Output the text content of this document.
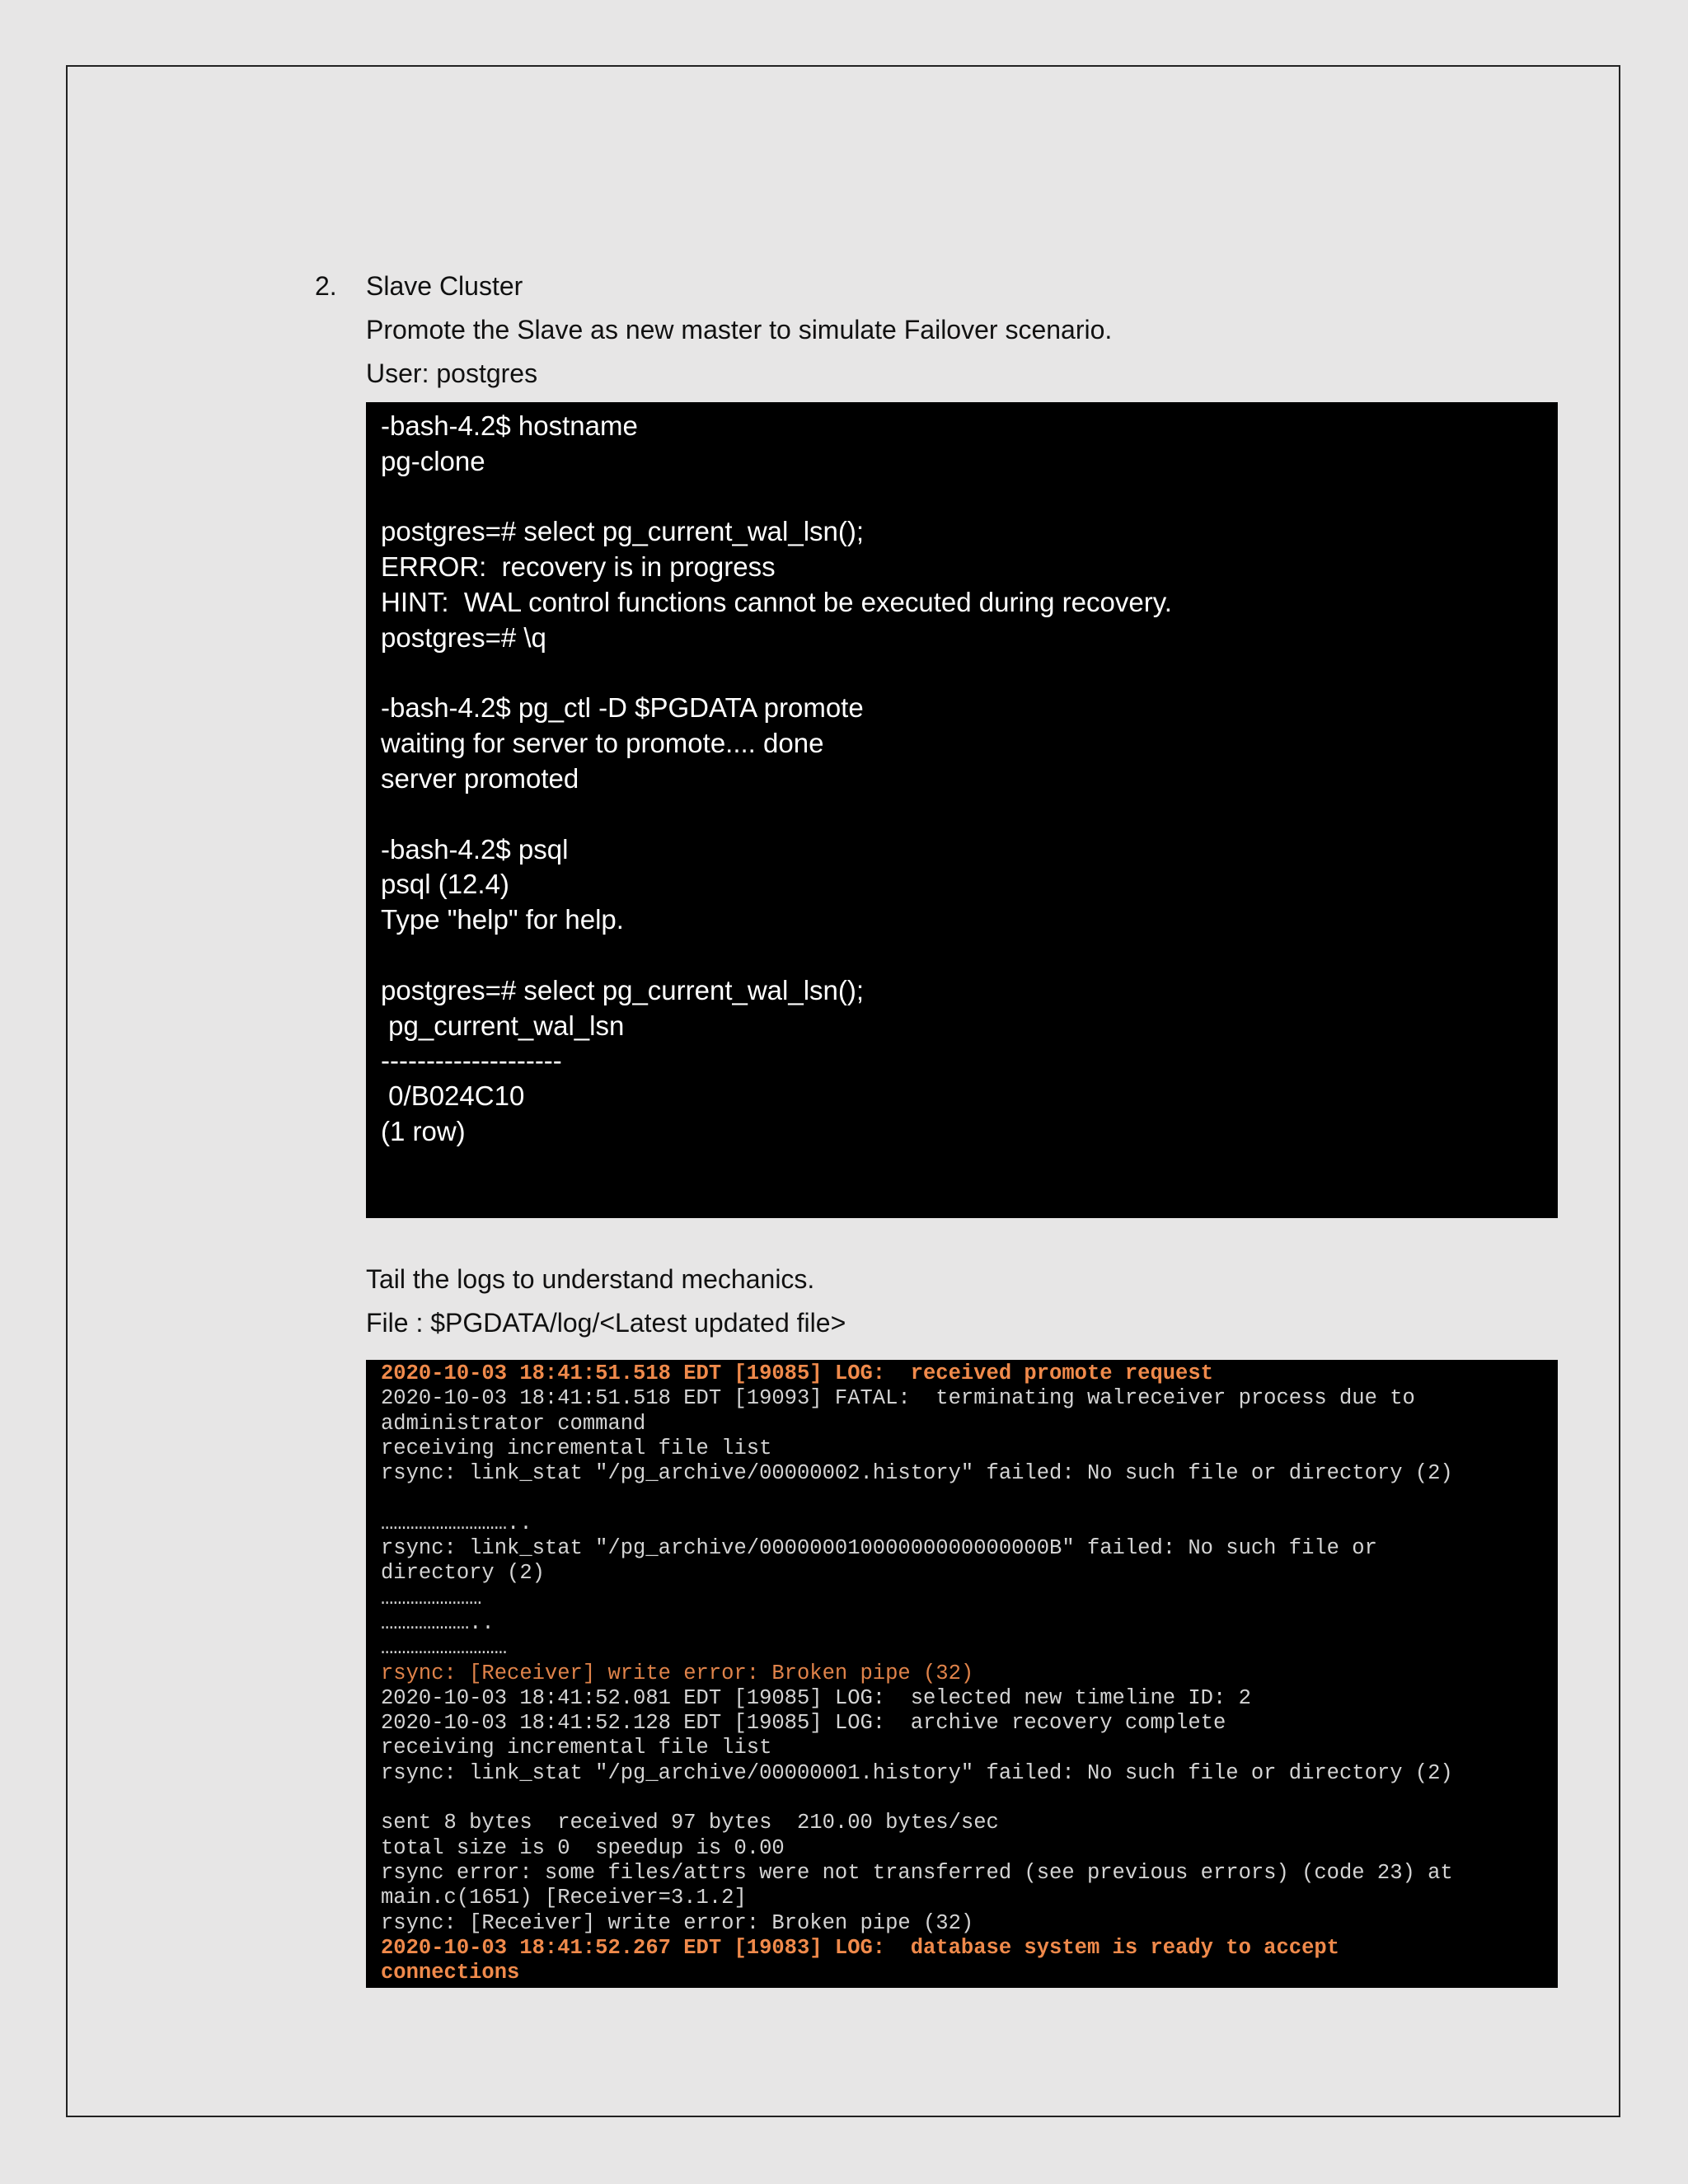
2. Slave Cluster
Promote the Slave as new master to simulate Failover scenario.
User: postgres
-bash-4.2$ hostname
pg-clone
postgres=# select pg_current_wal_lsn();
ERROR:  recovery is in progress
HINT:  WAL control functions cannot be executed during recovery.
postgres=# \q
-bash-4.2$ pg_ctl -D $PGDATA promote
waiting for server to promote.... done
server promoted
-bash-4.2$ psql
psql (12.4)
Type "help" for help.
postgres=# select pg_current_wal_lsn();
pg_current_wal_lsn
--------------------
0/B024C10
(1 row)
Tail the logs to understand mechanics.
File : $PGDATA/log/<Latest updated file>
2020-10-03 18:41:51.518 EDT [19085] LOG:  received promote request
2020-10-03 18:41:51.518 EDT [19093] FATAL:  terminating walreceiver process due to
administrator command
receiving incremental file list
rsync: link_stat "/pg_archive/00000002.history" failed: No such file or directory (2)
…………………………..
rsync: link_stat "/pg_archive/00000001000000000000000B" failed: No such file or
directory (2)
……………………
…………………..
…………………………
rsync: [Receiver] write error: Broken pipe (32)
2020-10-03 18:41:52.081 EDT [19085] LOG:  selected new timeline ID: 2
2020-10-03 18:41:52.128 EDT [19085] LOG:  archive recovery complete
receiving incremental file list
rsync: link_stat "/pg_archive/00000001.history" failed: No such file or directory (2)
sent 8 bytes  received 97 bytes  210.00 bytes/sec
total size is 0  speedup is 0.00
rsync error: some files/attrs were not transferred (see previous errors) (code 23) at
main.c(1651) [Receiver=3.1.2]
rsync: [Receiver] write error: Broken pipe (32)
2020-10-03 18:41:52.267 EDT [19083] LOG:  database system is ready to accept
connections
